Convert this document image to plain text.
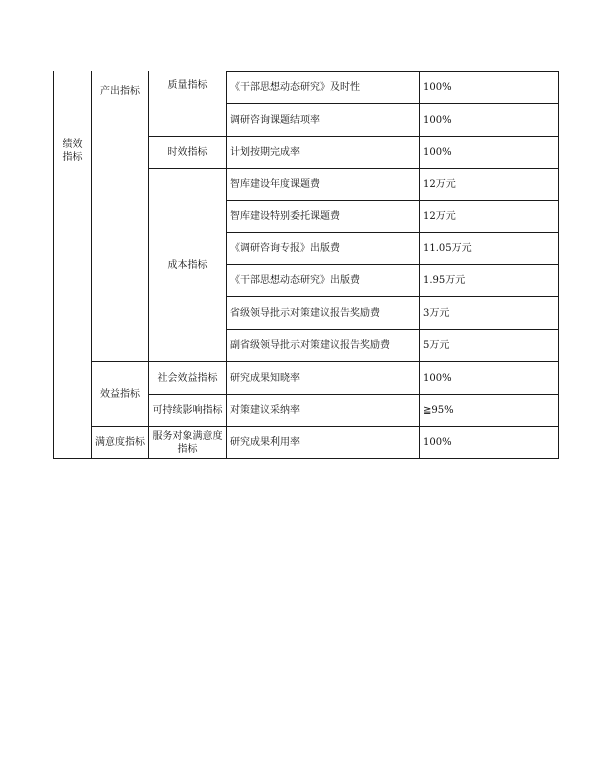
绩效指标
产出指标
效益指标
满意度指标
质量指标
时效指标
成本指标
社会效益指标
可持续影响指标
服务对象满意度指标
《干部思想动态研究》及时性
调研咨询课题结项率
计划按期完成率
智库建设年度课题费
智库建设特别委托课题费
《调研咨询专报》出版费
《干部思想动态研究》出版费
省级领导批示对策建议报告奖励费
副省级领导批示对策建议报告奖励费
研究成果知晓率
对策建议采纳率
研究成果利用率
100%
100%
100%
12万元
12万元
11.05万元
1.95万元
3万元
5万元
100%
≧95%
100%
